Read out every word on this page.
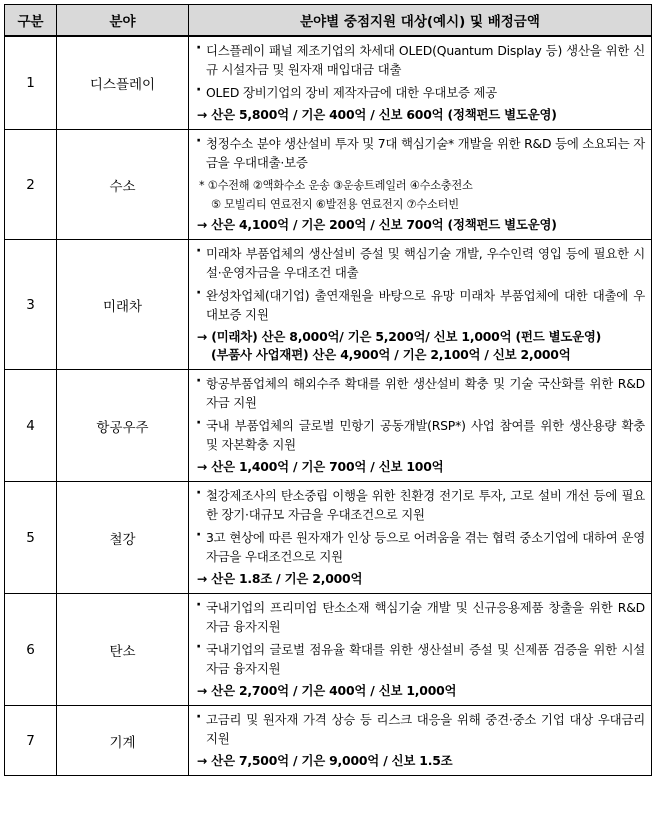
구분	분야	분야별 중점지원 대상(예시) 및 배정금액
1	디스플레이	· 디스플레이 패널 제조기업의 차세대 OLED(Quantum Display 등) 생산을 위한 신규 시설자금 및 원자재 매입대금 대출
· OLED 장비기업의 장비 제작자금에 대한 우대보증 제공
→ 산은 5,800억 / 기은 400억 / 신보 600억 (정책펀드 별도운영)

2	수소	· 청정수소 분야 생산설비 투자 및 7대 핵심기술* 개발을 위한 R&D 등에 소요되는 자금을 우대대출·보증
* ①수전해 ②액화수소 운송 ③운송트레일러 ④수소충전소
⑤ 모빌리티 연료전지 ⑥발전용 연료전지 ⑦수소터빈
→ 산은 4,100억 / 기은 200억 / 신보 700억 (정책펀드 별도운영)

3	미래차	· 미래차 부품업체의 생산설비 증설 및 핵심기술 개발, 우수인력 영입 등에 필요한 시설·운영자금을 우대조건 대출
· 완성차업체(대기업) 출연재원을 바탕으로 유망 미래차 부품업체에 대한 대출에 우대보증 지원
→ (미래차) 산은 8,000억/ 기은 5,200억/ 신보 1,000억 (펀드 별도운영)
(부품사 사업재편) 산은 4,900억 / 기은 2,100억 / 신보 2,000억

4	항공우주	· 항공부품업체의 해외수주 확대를 위한 생산설비 확충 및 기술 국산화를 위한 R&D 자금 지원
· 국내 부품업체의 글로벌 민항기 공동개발(RSP*) 사업 참여를 위한 생산용량 확충 및 자본확충 지원
→ 산은 1,400억 / 기은 700억 / 신보 100억

5	철강	· 철강제조사의 탄소중립 이행을 위한 친환경 전기로 투자, 고로 설비 개선 등에 필요한 장기·대규모 자금을 우대조건으로 지원
· 3고 현상에 따른 원자재가 인상 등으로 어려움을 겪는 협력 중소기업에 대하여 운영자금을 우대조건으로 지원
→ 산은 1.8조 / 기은 2,000억

6	탄소	· 국내기업의 프리미엄 탄소소재 핵심기술 개발 및 신규응용제품 창출을 위한 R&D 자금 융자지원
· 국내기업의 글로벌 점유율 확대를 위한 생산설비 증설 및 신제품 검증을 위한 시설자금 융자지원
→ 산은 2,700억 / 기은 400억 / 신보 1,000억

7	기계	· 고금리 및 원자재 가격 상승 등 리스크 대응을 위해 중견·중소 기업 대상 우대금리 지원
→ 산은 7,500억 / 기은 9,000억 / 신보 1.5조
